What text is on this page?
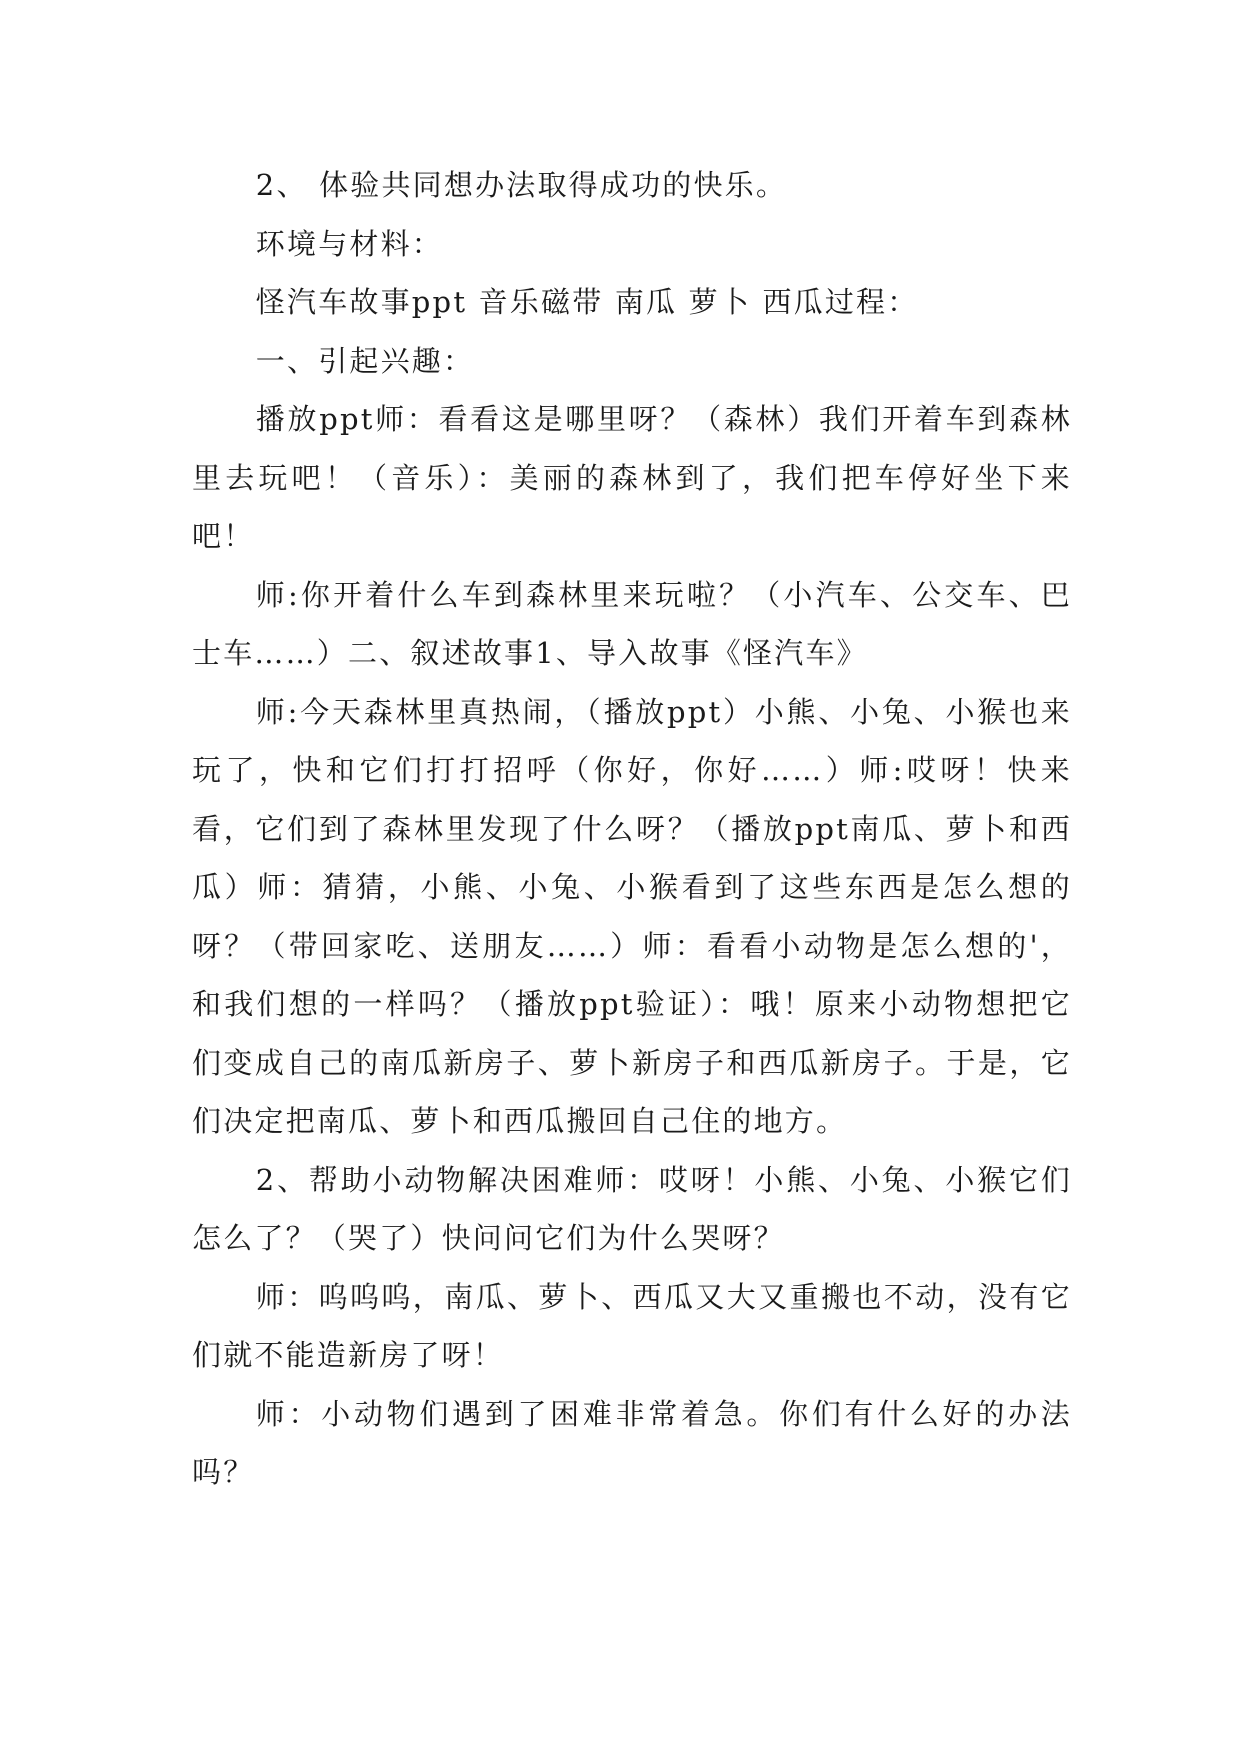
2、 体验共同想办法取得成功的快乐。

环境与材料：

怪汽车故事ppt 音乐磁带 南瓜 萝卜 西瓜过程：

一、引起兴趣：

播放ppt师：看看这是哪里呀？（森林）我们开着车到森林里去玩吧！（音乐）：美丽的森林到了，我们把车停好坐下来吧！

师:你开着什么车到森林里来玩啦？（小汽车、公交车、巴士车……）二、叙述故事1、导入故事《怪汽车》

师:今天森林里真热闹，（播放ppt）小熊、小兔、小猴也来玩了，快和它们打打招呼（你好，你好……）师:哎呀！快来看，它们到了森林里发现了什么呀？（播放ppt南瓜、萝卜和西瓜）师：猜猜，小熊、小兔、小猴看到了这些东西是怎么想的呀？（带回家吃、送朋友……）师：看看小动物是怎么想的'，和我们想的一样吗？（播放ppt验证）：哦！原来小动物想把它们变成自己的南瓜新房子、萝卜新房子和西瓜新房子。于是，它们决定把南瓜、萝卜和西瓜搬回自己住的地方。

2、帮助小动物解决困难师：哎呀！小熊、小兔、小猴它们怎么了？（哭了）快问问它们为什么哭呀？

师：呜呜呜，南瓜、萝卜、西瓜又大又重搬也不动，没有它们就不能造新房了呀！

师：小动物们遇到了困难非常着急。你们有什么好的办法吗？
